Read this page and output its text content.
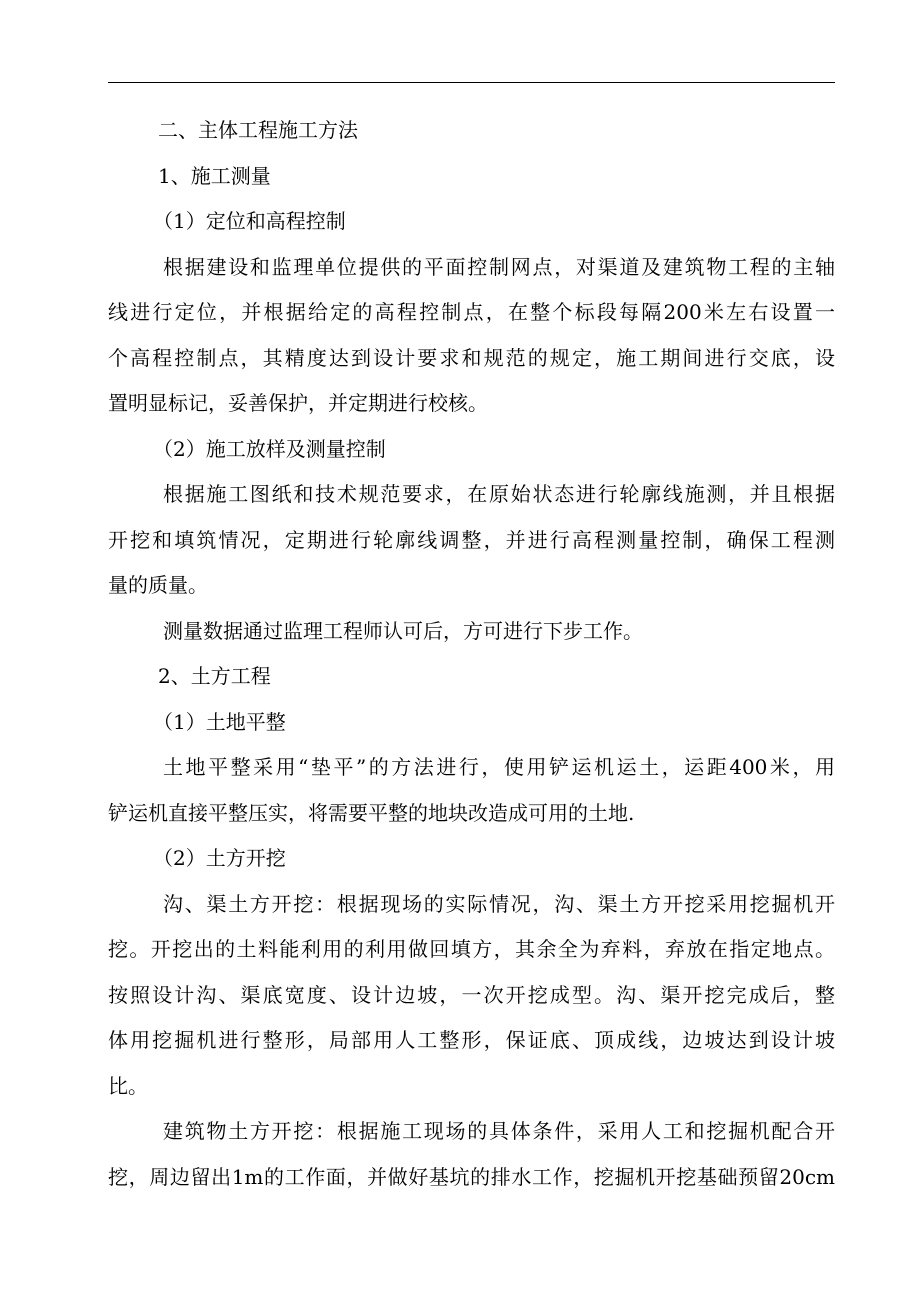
二、主体工程施工方法
1、施工测量
（1）定位和高程控制
根据建设和监理单位提供的平面控制网点，对渠道及建筑物工程的主轴
线进行定位，并根据给定的高程控制点，在整个标段每隔200米左右设置一
个高程控制点，其精度达到设计要求和规范的规定，施工期间进行交底，设
置明显标记，妥善保护，并定期进行校核。
（2）施工放样及测量控制
根据施工图纸和技术规范要求，在原始状态进行轮廓线施测，并且根据
开挖和填筑情况，定期进行轮廓线调整，并进行高程测量控制，确保工程测
量的质量。
测量数据通过监理工程师认可后，方可进行下步工作。
2、土方工程
（1）土地平整
土地平整采用“垫平”的方法进行，使用铲运机运土，运距400米，用
铲运机直接平整压实，将需要平整的地块改造成可用的土地.
（2）土方开挖
沟、渠土方开挖：根据现场的实际情况，沟、渠土方开挖采用挖掘机开
挖。开挖出的土料能利用的利用做回填方，其余全为弃料，弃放在指定地点。
按照设计沟、渠底宽度、设计边坡，一次开挖成型。沟、渠开挖完成后，整
体用挖掘机进行整形，局部用人工整形，保证底、顶成线，边坡达到设计坡
比。
建筑物土方开挖：根据施工现场的具体条件，采用人工和挖掘机配合开
挖，周边留出1m的工作面，并做好基坑的排水工作，挖掘机开挖基础预留20cm
